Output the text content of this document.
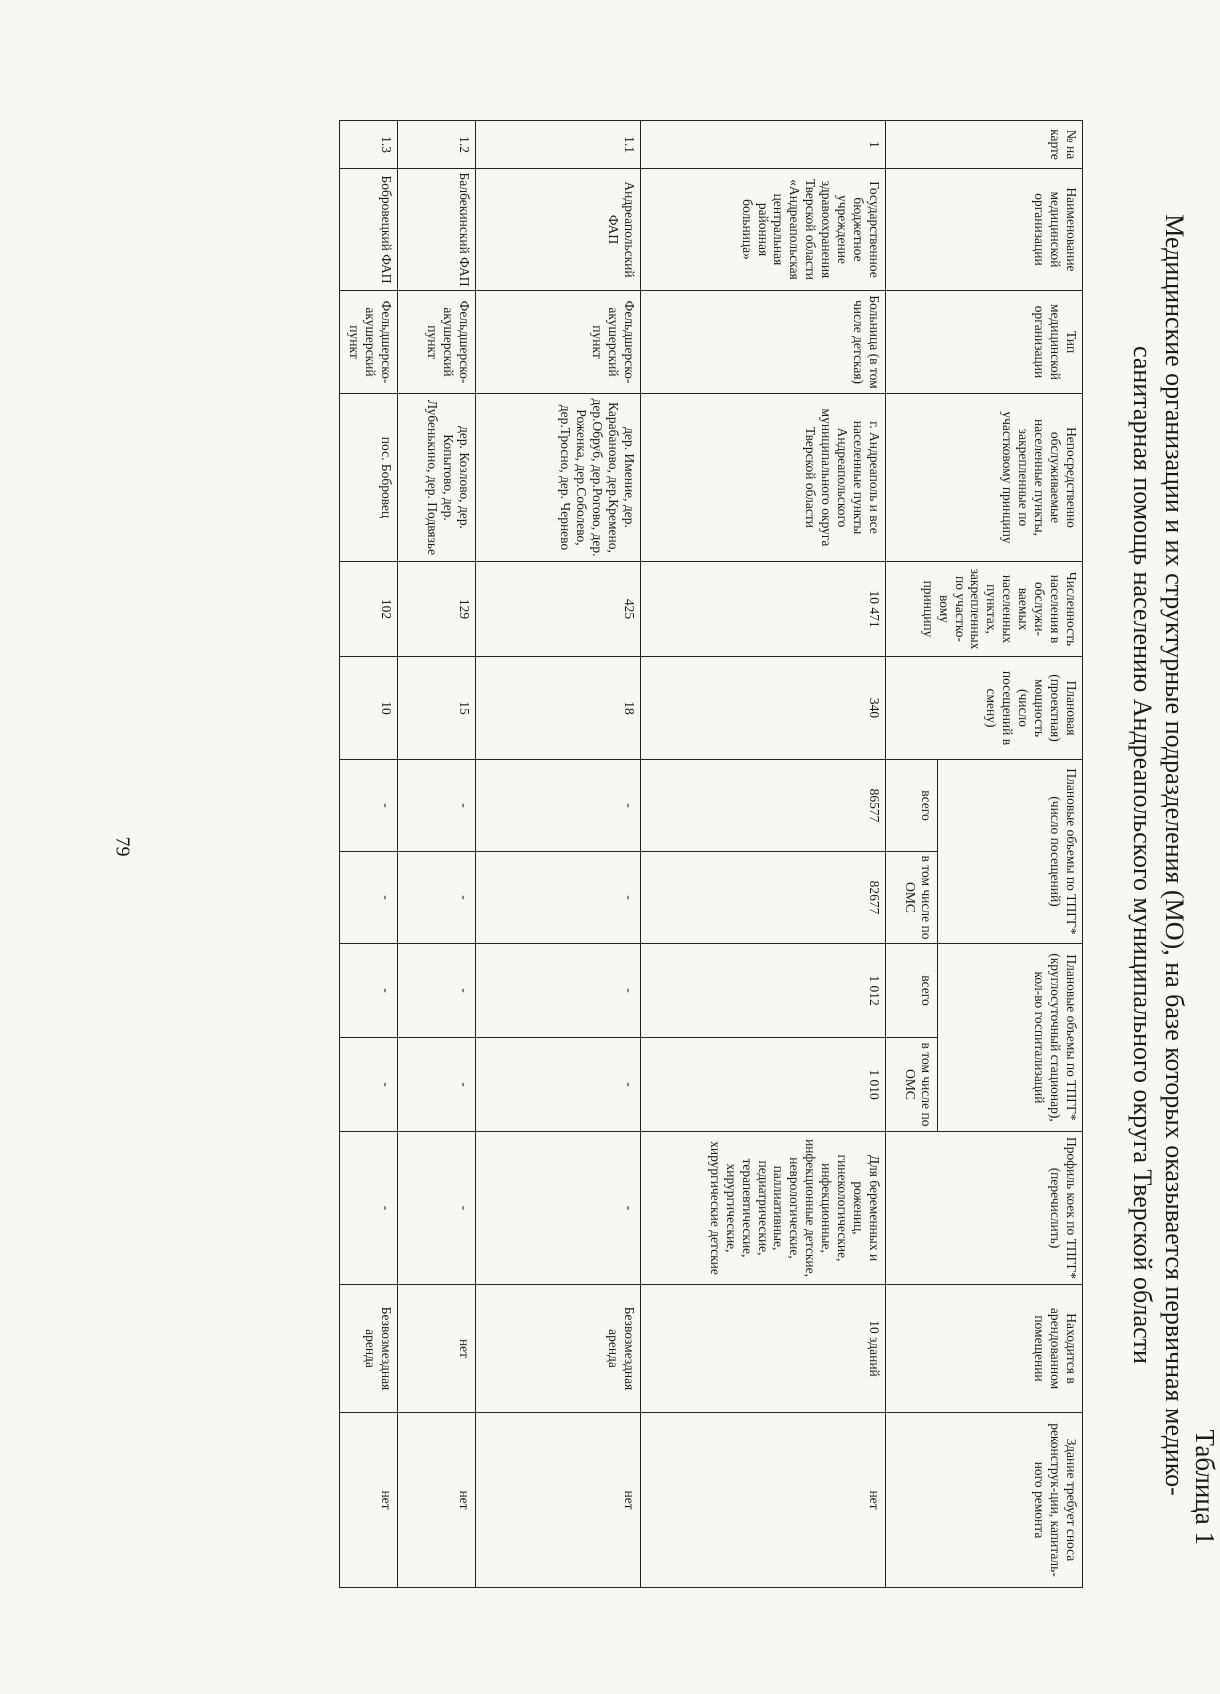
79
Таблица 1
Медицинские организации и их структурные подразделения (МО), на базе которых оказывается первичная медико-
санитарная помощь населению Андреапольского муниципального округа Тверской области
№ на карте	Наименование медицинской организации	Тип медицинской организации	Непосредственно обслуживаемые населенные пункты, закрепленные по участковому принципу	Численность населения в обслужи-ваемых населенных пунктах, закрепленных по участко-вому принципу	Плановая (проектная) мощность (число посещений в смену)	Плановые объемы по ТПГГ* (число посещений)		Плановые объемы по ТПГГ* (круглосуточный стационар), кол-во госпитализаций		Профиль коек по ТПГГ* (перечислить)	Находится в арендованном помещении	Здание требует сноса реконструк-ции, капиталь-ного ремонта
						всего	в том числе по ОМС	всего	в том числе по ОМС			
1	Государственное бюджетное учреждение здравоохранения Тверской области «Андреапольская центральная районная больница»	Больница (в том числе детская)	г. Андреаполь и все населенные пункты Андреапольского муниципального округа Тверской области	10 471	340	86577	82677	1 012	1 010	Для беременных и рожениц, гинекологические, инфекционные, инфекционные детские, неврологические, паллиативные, педиатрические, терапевтические, хирургические, хирургические детские	10 зданий	нет
1.1	Андреапольский ФАП	Фельдшерско-акушерский пункт	дер. Имение, дер. Карабаново, дер.Кремено, дер.Обруб, дер.Рогово, дер. Роженка, дер.Соболево, дер.Тросно, дер. Чернево	425	18	-	-	-	-	-	Безвозмездная аренда	нет
1.2	Балбекинский ФАП	Фельдшерско-акушерский пункт	дер. Козлово, дер. Копытово, дер. Лубенькино, дер. Подвязье	129	15	-	-	-	-	-	нет	нет
1.3	Бобровецкий ФАП	Фельдшерско-акушерский пункт	пос. Бобровец	102	10	-	-	-	-	-	Безвозмездная аренда	нет
